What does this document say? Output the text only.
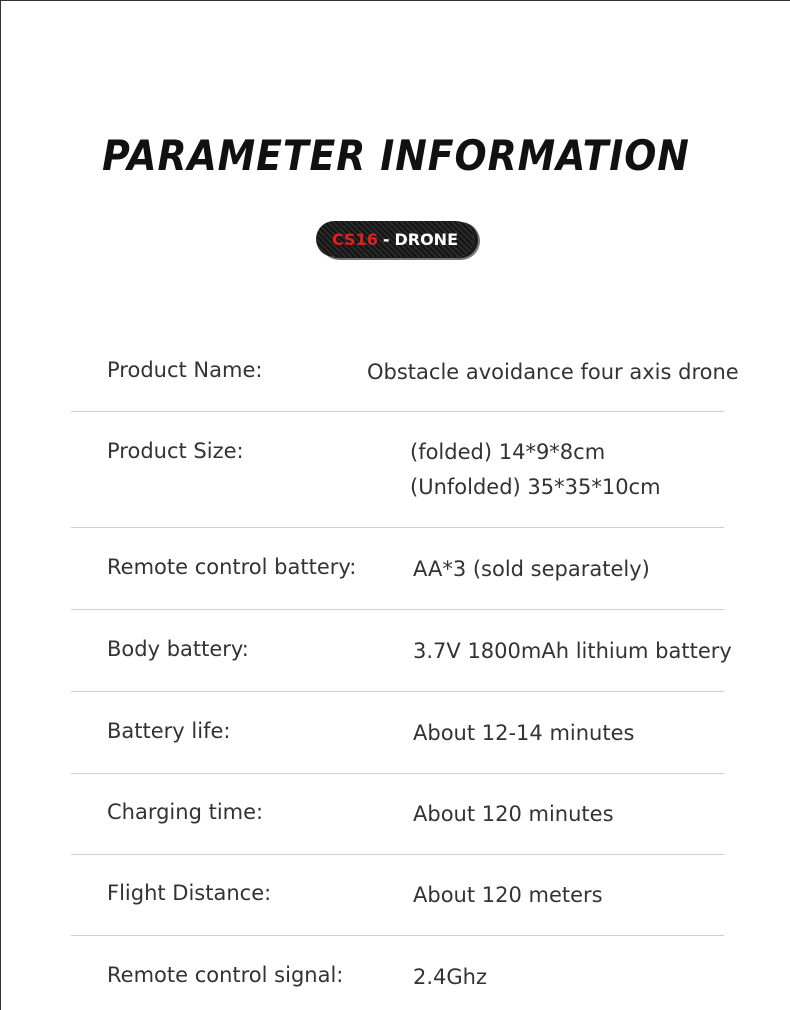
PARAMETER INFORMATION
CS16 - DRONE
Product Name:	Obstacle avoidance four axis drone
Product Size:	(folded) 14*9*8cm
(Unfolded) 35*35*10cm
Remote control battery:	AA*3 (sold separately)
Body battery:	3.7V 1800mAh lithium battery
Battery life:	About 12-14 minutes
Charging time:	About 120 minutes
Flight Distance:	About 120 meters
Remote control signal:	2.4Ghz
